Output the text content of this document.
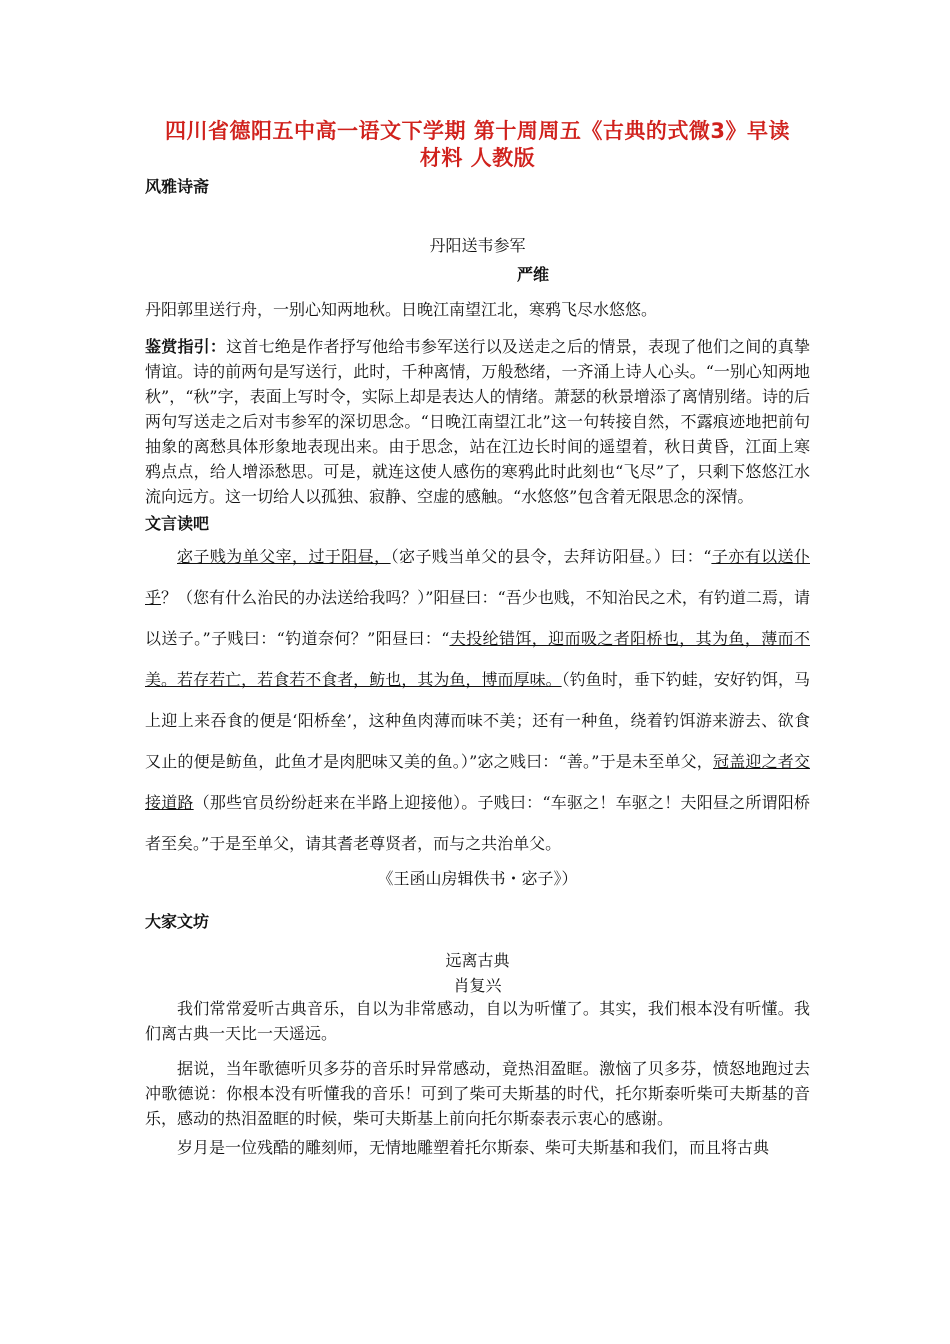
四川省德阳五中高一语文下学期 第十周周五《古典的式微3》早读
材料 人教版
风雅诗斋
丹阳送韦参军
严维
丹阳郭里送行舟，一别心知两地秋。日晚江南望江北，寒鸦飞尽水悠悠。
鉴赏指引：这首七绝是作者抒写他给韦参军送行以及送走之后的情景，表现了他们之间的真挚情谊。诗的前两句是写送行，此时，千种离情，万般愁绪，一齐涌上诗人心头。“一别心知两地秋”，“秋”字，表面上写时令，实际上却是表达人的情绪。萧瑟的秋景增添了离情别绪。诗的后两句写送走之后对韦参军的深切思念。“日晚江南望江北”这一句转接自然，不露痕迹地把前句抽象的离愁具体形象地表现出来。由于思念，站在江边长时间的遥望着，秋日黄昏，江面上寒鸦点点，给人增添愁思。可是，就连这使人感伤的寒鸦此时此刻也“飞尽”了，只剩下悠悠江水流向远方。这一切给人以孤独、寂静、空虚的感触。“水悠悠”包含着无限思念的深情。
文言读吧
宓子贱为单父宰，过于阳昼，（宓子贱当单父的县令，去拜访阳昼。）曰：“子亦有以送仆乎？（您有什么治民的办法送给我吗？）”阳昼曰：“吾少也贱，不知治民之术，有钓道二焉，请以送子。”子贱曰：“钓道奈何？”阳昼曰：“夫投纶错饵，迎而吸之者阳桥也，其为鱼，薄而不美。若存若亡，若食若不食者，鲂也，其为鱼，博而厚味。（钓鱼时，垂下钓蛙，安好钓饵，马上迎上来吞食的便是‘阳桥垒’，这种鱼肉薄而味不美；还有一种鱼，绕着钓饵游来游去、欲食又止的便是鲂鱼，此鱼才是肉肥味又美的鱼。）”宓之贱曰：“善。”于是未至单父，冠盖迎之者交接道路（那些官员纷纷赶来在半路上迎接他）。子贱曰：“车驱之！车驱之！夫阳昼之所谓阳桥者至矣。”于是至单父，请其耆老尊贤者，而与之共治单父。
《王函山房辑佚书・宓子》）
大家文坊
远离古典
肖复兴
我们常常爱听古典音乐，自以为非常感动，自以为听懂了。其实，我们根本没有听懂。我们离古典一天比一天遥远。
据说，当年歌德听贝多芬的音乐时异常感动，竟热泪盈眶。激恼了贝多芬，愤怒地跑过去冲歌德说：你根本没有听懂我的音乐！可到了柴可夫斯基的时代，托尔斯泰听柴可夫斯基的音乐，感动的热泪盈眶的时候，柴可夫斯基上前向托尔斯泰表示衷心的感谢。
岁月是一位残酷的雕刻师，无情地雕塑着托尔斯泰、柴可夫斯基和我们，而且将古典
